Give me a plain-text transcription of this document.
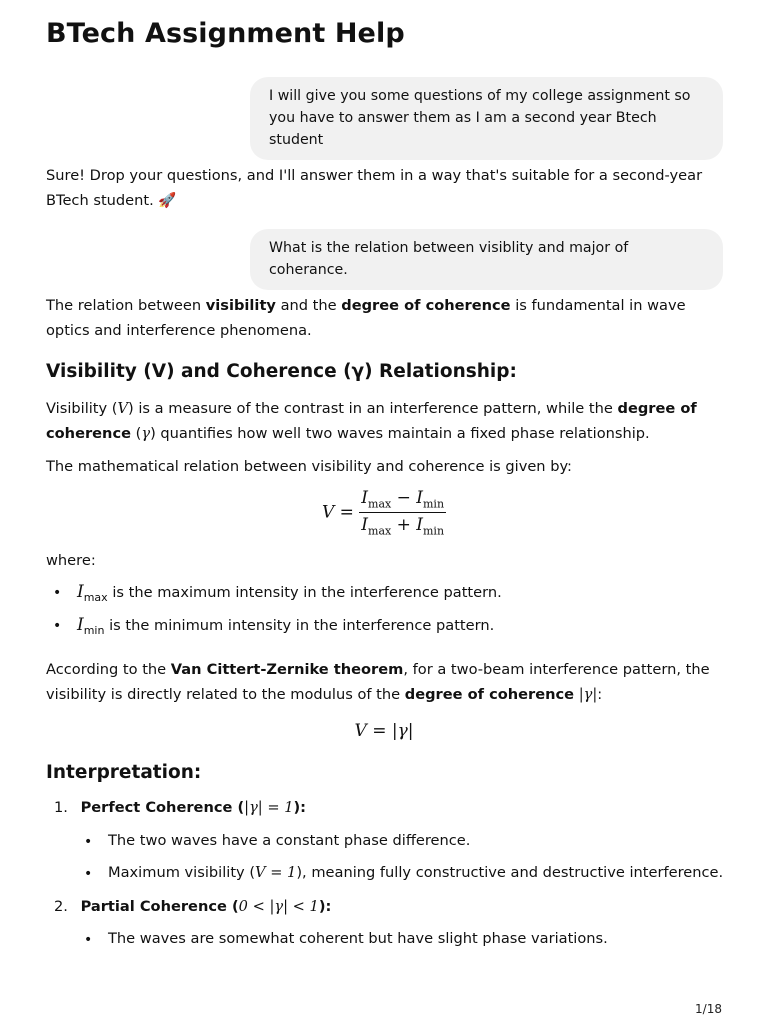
BTech Assignment Help
I will give you some questions of my college assignment so you have to answer them as I am a second year Btech student

Sure! Drop your questions, and I'll answer them in a way that's suitable for a second-year BTech student. 🚀

What is the relation between visiblity and major of coherance.

The relation between visibility and the degree of coherence is fundamental in wave optics and interference phenomena.

Visibility (V) and Coherence (γ) Relationship:

Visibility (V) is a measure of the contrast in an interference pattern, while the degree of coherence (γ) quantifies how well two waves maintain a fixed phase relationship.

The mathematical relation between visibility and coherence is given by:

$V = \frac{I_{max} - I_{min}}{I_{max} + I_{min}}$

where:

• $I_{max}$ is the maximum intensity in the interference pattern.
• $I_{min}$ is the minimum intensity in the interference pattern.

According to the Van Cittert-Zernike theorem, for a two-beam interference pattern, the visibility is directly related to the modulus of the degree of coherence |γ|:

V = |γ|
Interpretation:
1. Perfect Coherence (|γ| = 1):
• The two waves have a constant phase difference.
• Maximum visibility (V = 1), meaning fully constructive and destructive interference.
2. Partial Coherence (0 < |γ| < 1):
• The waves are somewhat coherent but have slight phase variations.
1/18
